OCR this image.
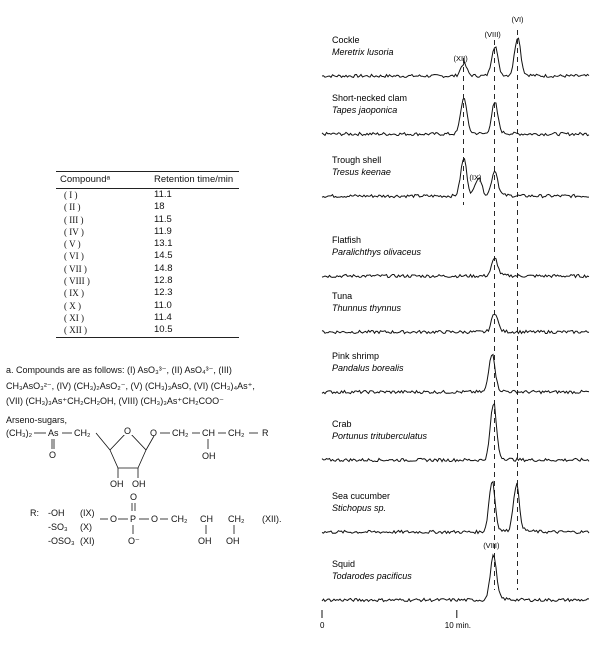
Compoundᵃ	Retention time/min
( I )	11.1
( II )	18
( III )	11.5
( IV )	11.9
( V )	13.1
( VI )	14.5
( VII )	14.8
( VIII )	12.8
( IX )	12.3
( X )	11.0
( XI )	11.4
( XII )	10.5
a. Compounds are as follows: (I) AsO₃³⁻, (II) AsO₄³⁻, (III)
CH₃AsO₃²⁻, (IV) (CH₃)₂AsO₂⁻, (V) (CH₃)₃AsO, (VI) (CH₃)₄As⁺,
(VII) (CH₃)₃As⁺CH₂CH₂OH, (VIII) (CH₃)₃As⁺CH₂COO⁻
Arseno-sugars,
(CH₃)₂ As CH₂
O
O
OH OH
O CH₂ CH
OH
CH₂ R
R: -OH (IX)
-SO₃ (X)
-OSO₃ (XI)
O
O P O
O⁻
CH₂ CH CH₂
OH OH
(XII).
Cockle
Meretrix lusoria
Short-necked clam
Tapes jaoponica
Trough shell
Tresus keenae
Flatfish
Paralichthys olivaceus
Tuna
Thunnus thynnus
Pink shrimp
Pandalus borealis
Crab
Portunus trituberculatus
Sea cucumber
Stichopus sp.
Squid
Todarodes pacificus
(XII)
(VIII)
(VI)
(IX)
(VIII)
0	10 min.
